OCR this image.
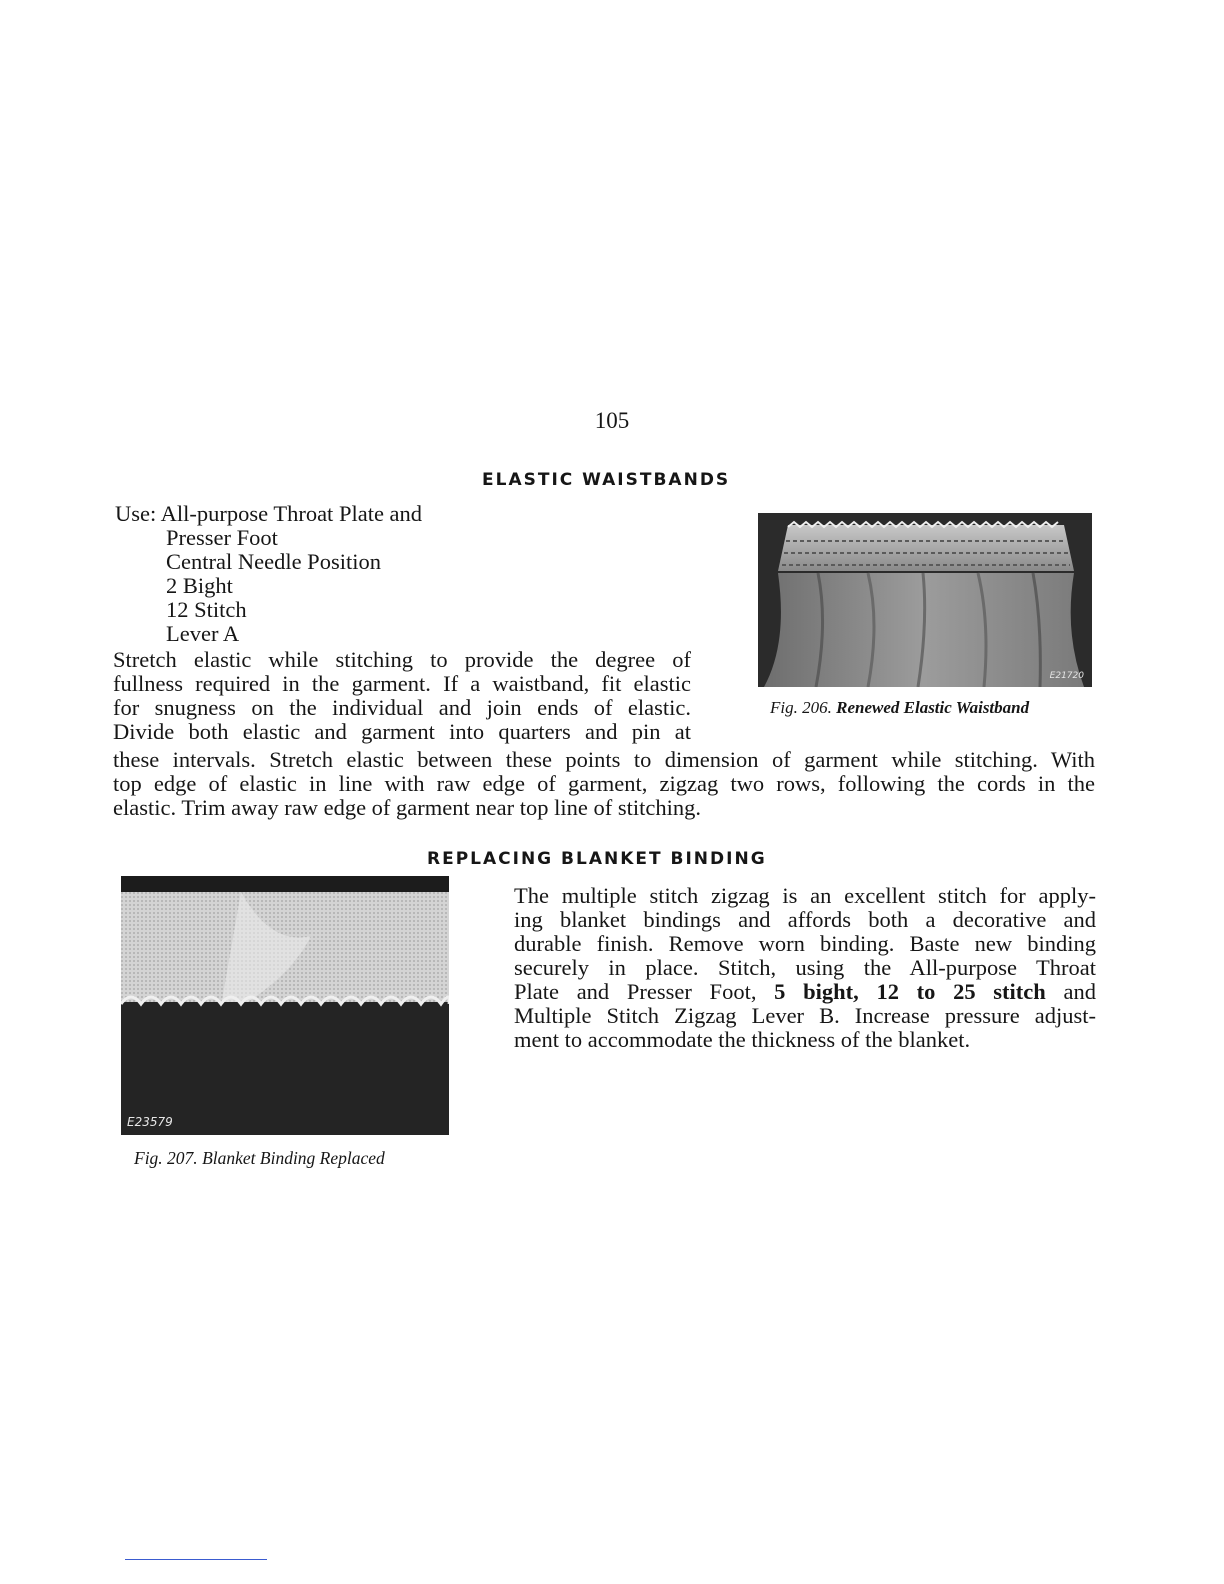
105
ELASTIC WAISTBANDS
Use: All-purpose Throat Plate and
Presser Foot
Central Needle Position
2 Bight
12 Stitch
Lever A
Stretch elastic while stitching to provide the degree of
fullness required in the garment. If a waistband, fit elastic
for snugness on the individual and join ends of elastic.
Divide both elastic and garment into quarters and pin at
these intervals. Stretch elastic between these points to dimension of garment while stitching. With
top edge of elastic in line with raw edge of garment, zigzag two rows, following the cords in the
elastic. Trim away raw edge of garment near top line of stitching.
E21720
Fig. 206. Renewed Elastic Waistband
REPLACING BLANKET BINDING
E23579
Fig. 207. Blanket Binding Replaced
The multiple stitch zigzag is an excellent stitch for apply-
ing blanket bindings and affords both a decorative and
durable finish. Remove worn binding. Baste new binding
securely in place. Stitch, using the All-purpose Throat
Plate and Presser Foot, 5 bight, 12 to 25 stitch and
Multiple Stitch Zigzag Lever B. Increase pressure adjust-
ment to accommodate the thickness of the blanket.
